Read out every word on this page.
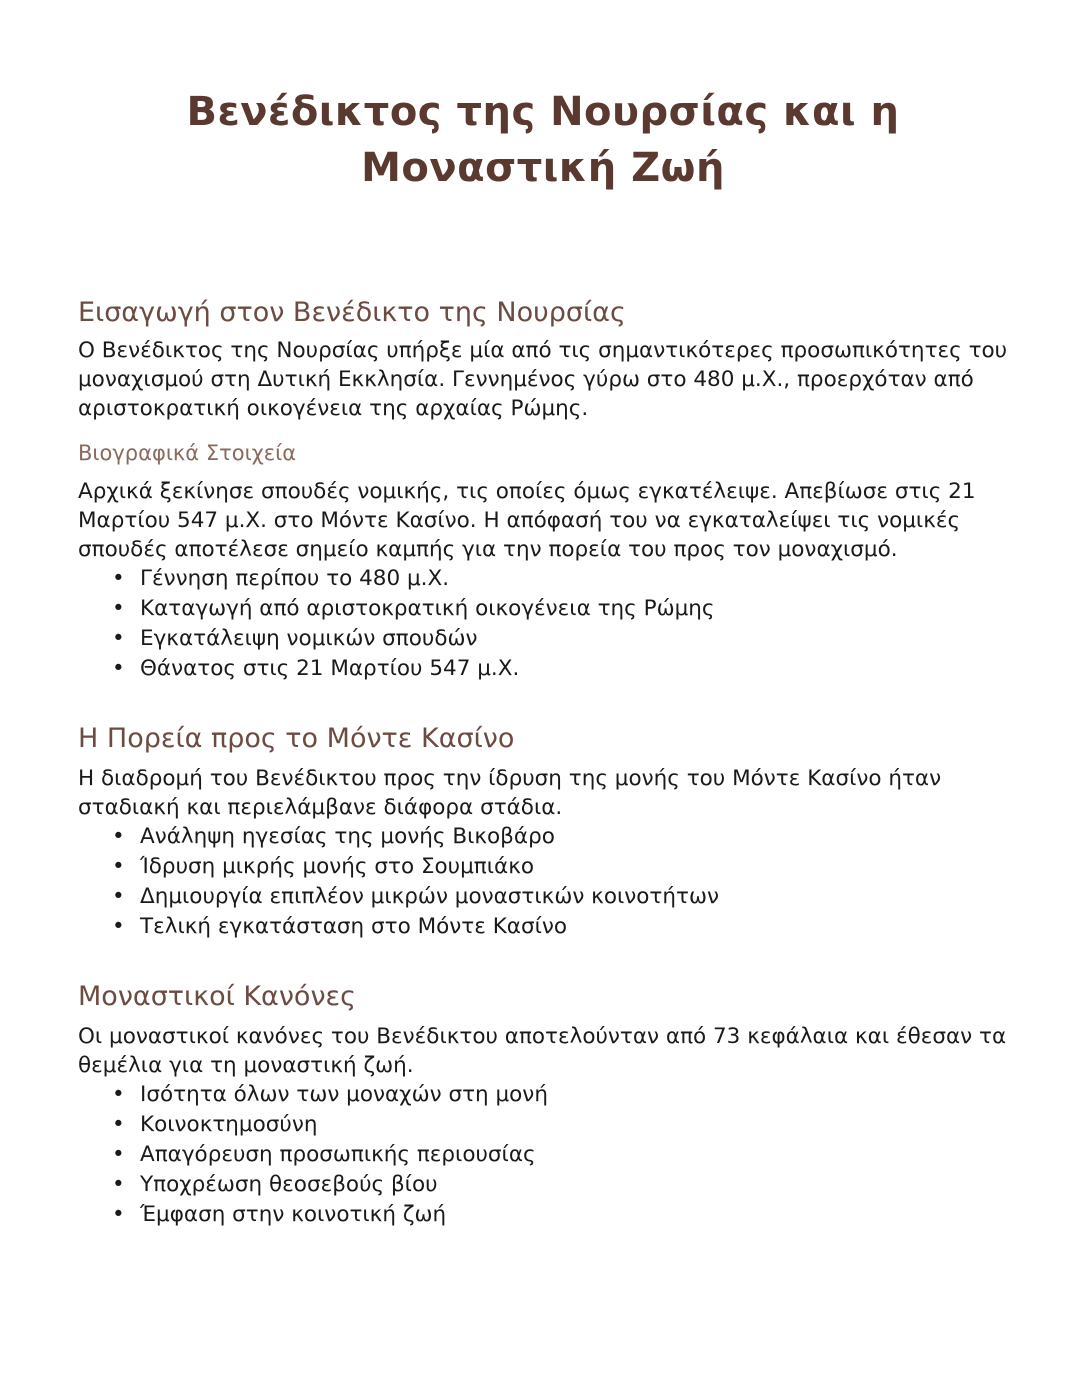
Βενέδικτος της Νουρσίας και η Μοναστική Ζωή
Εισαγωγή στον Βενέδικτο της Νουρσίας

Ο Βενέδικτος της Νουρσίας υπήρξε μία από τις σημαντικότερες προσωπικότητες του μοναχισμού στη Δυτική Εκκλησία. Γεννημένος γύρω στο 480 μ.Χ., προερχόταν από αριστοκρατική οικογένεια της αρχαίας Ρώμης.

Βιογραφικά Στοιχεία

Αρχικά ξεκίνησε σπουδές νομικής, τις οποίες όμως εγκατέλειψε. Απεβίωσε στις 21 Μαρτίου 547 μ.Χ. στο Μόντε Κασίνο. Η απόφασή του να εγκαταλείψει τις νομικές σπουδές αποτέλεσε σημείο καμπής για την πορεία του προς τον μοναχισμό.

• Γέννηση περίπου το 480 μ.Χ.
• Καταγωγή από αριστοκρατική οικογένεια της Ρώμης
• Εγκατάλειψη νομικών σπουδών
• Θάνατος στις 21 Μαρτίου 547 μ.Χ.
Η Πορεία προς το Μόντε Κασίνο

Η διαδρομή του Βενέδικτου προς την ίδρυση της μονής του Μόντε Κασίνο ήταν σταδιακή και περιελάμβανε διάφορα στάδια.

• Ανάληψη ηγεσίας της μονής Βικοβάρο
• Ίδρυση μικρής μονής στο Σουμπιάκο
• Δημιουργία επιπλέον μικρών μοναστικών κοινοτήτων
• Τελική εγκατάσταση στο Μόντε Κασίνο
Μοναστικοί Κανόνες

Οι μοναστικοί κανόνες του Βενέδικτου αποτελούνταν από 73 κεφάλαια και έθεσαν τα θεμέλια για τη μοναστική ζωή.

• Ισότητα όλων των μοναχών στη μονή
• Κοινοκτημοσύνη
• Απαγόρευση προσωπικής περιουσίας
• Υποχρέωση θεοσεβούς βίου
• Έμφαση στην κοινοτική ζωή
